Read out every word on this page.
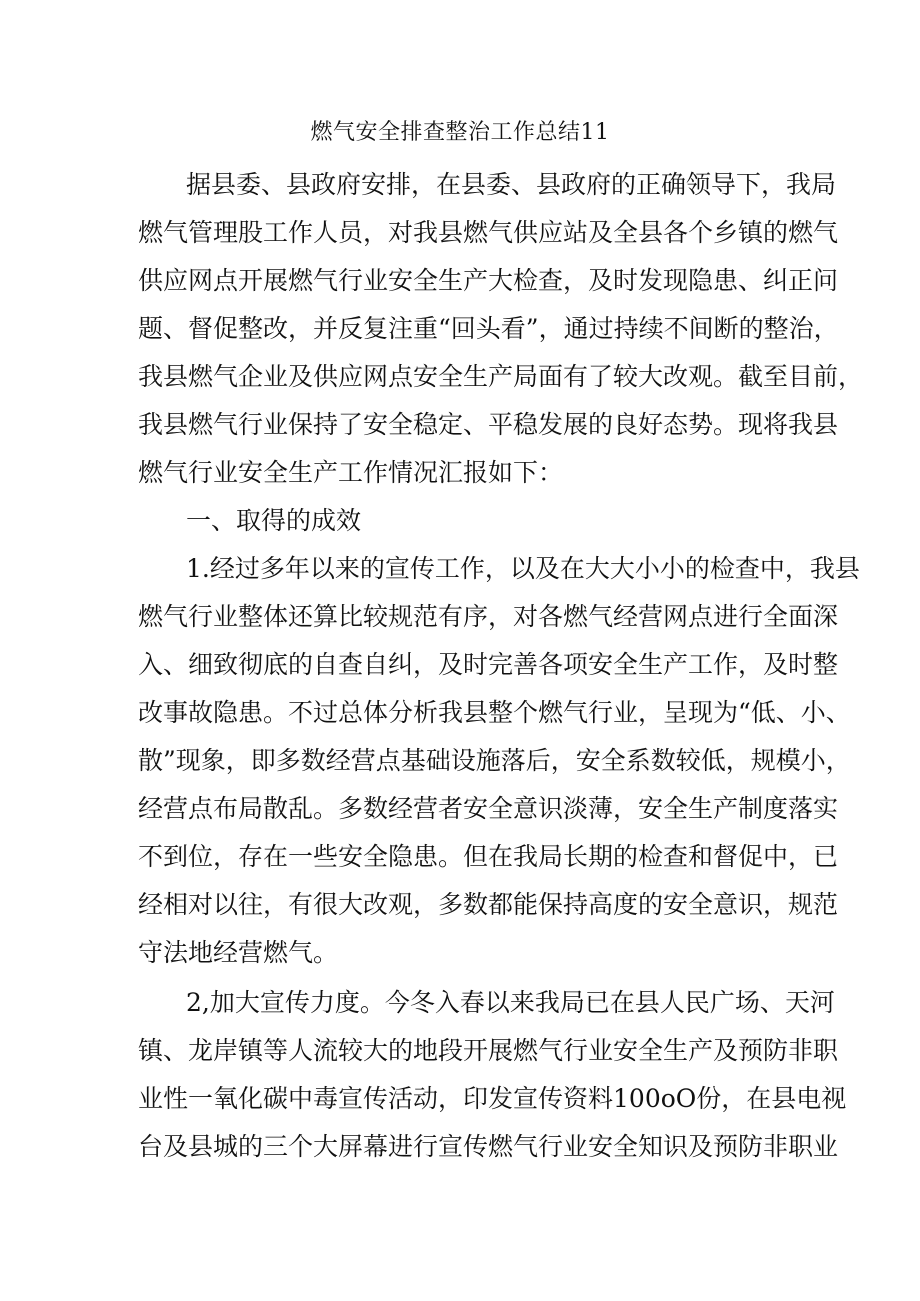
燃气安全排查整治工作总结11
据县委、县政府安排，在县委、县政府的正确领导下，我局
燃气管理股工作人员，对我县燃气供应站及全县各个乡镇的燃气
供应网点开展燃气行业安全生产大检查，及时发现隐患、纠正问
题、督促整改，并反复注重“回头看”，通过持续不间断的整治，
我县燃气企业及供应网点安全生产局面有了较大改观。截至目前，
我县燃气行业保持了安全稳定、平稳发展的良好态势。现将我县
燃气行业安全生产工作情况汇报如下：
一、取得的成效
1.经过多年以来的宣传工作，以及在大大小小的检查中，我县
燃气行业整体还算比较规范有序，对各燃气经营网点进行全面深
入、细致彻底的自查自纠，及时完善各项安全生产工作，及时整
改事故隐患。不过总体分析我县整个燃气行业，呈现为“低、小、
散”现象，即多数经营点基础设施落后，安全系数较低，规模小，
经营点布局散乱。多数经营者安全意识淡薄，安全生产制度落实
不到位，存在一些安全隐患。但在我局长期的检查和督促中，已
经相对以往，有很大改观，多数都能保持高度的安全意识，规范
守法地经营燃气。
2,加大宣传力度。今冬入春以来我局已在县人民广场、天河
镇、龙岸镇等人流较大的地段开展燃气行业安全生产及预防非职
业性一氧化碳中毒宣传活动，印发宣传资料100oO份，在县电视
台及县城的三个大屏幕进行宣传燃气行业安全知识及预防非职业
